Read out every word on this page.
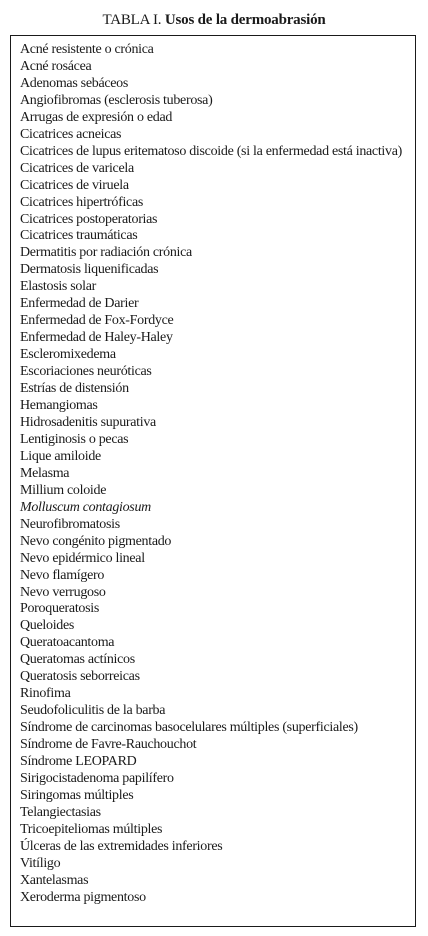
TABLA I. Usos de la dermoabrasión
Acné resistente o crónica
Acné rosácea
Adenomas sebáceos
Angiofibromas (esclerosis tuberosa)
Arrugas de expresión o edad
Cicatrices acneicas
Cicatrices de lupus eritematoso discoide (si la enfermedad está inactiva)
Cicatrices de varicela
Cicatrices de viruela
Cicatrices hipertróficas
Cicatrices postoperatorias
Cicatrices traumáticas
Dermatitis por radiación crónica
Dermatosis liquenificadas
Elastosis solar
Enfermedad de Darier
Enfermedad de Fox-Fordyce
Enfermedad de Haley-Haley
Escleromixedema
Escoriaciones neuróticas
Estrías de distensión
Hemangiomas
Hidrosadenitis supurativa
Lentiginosis o pecas
Lique amiloide
Melasma
Millium coloide
Molluscum contagiosum
Neurofibromatosis
Nevo congénito pigmentado
Nevo epidérmico lineal
Nevo flamígero
Nevo verrugoso
Poroqueratosis
Queloides
Queratoacantoma
Queratomas actínicos
Queratosis seborreicas
Rinofima
Seudofoliculitis de la barba
Síndrome de carcinomas basocelulares múltiples (superficiales)
Síndrome de Favre-Rauchouchot
Síndrome LEOPARD
Sirigocistadenoma papilífero
Siringomas múltiples
Telangiectasias
Tricoepiteliomas múltiples
Úlceras de las extremidades inferiores
Vitíligo
Xantelasmas
Xeroderma pigmentoso
